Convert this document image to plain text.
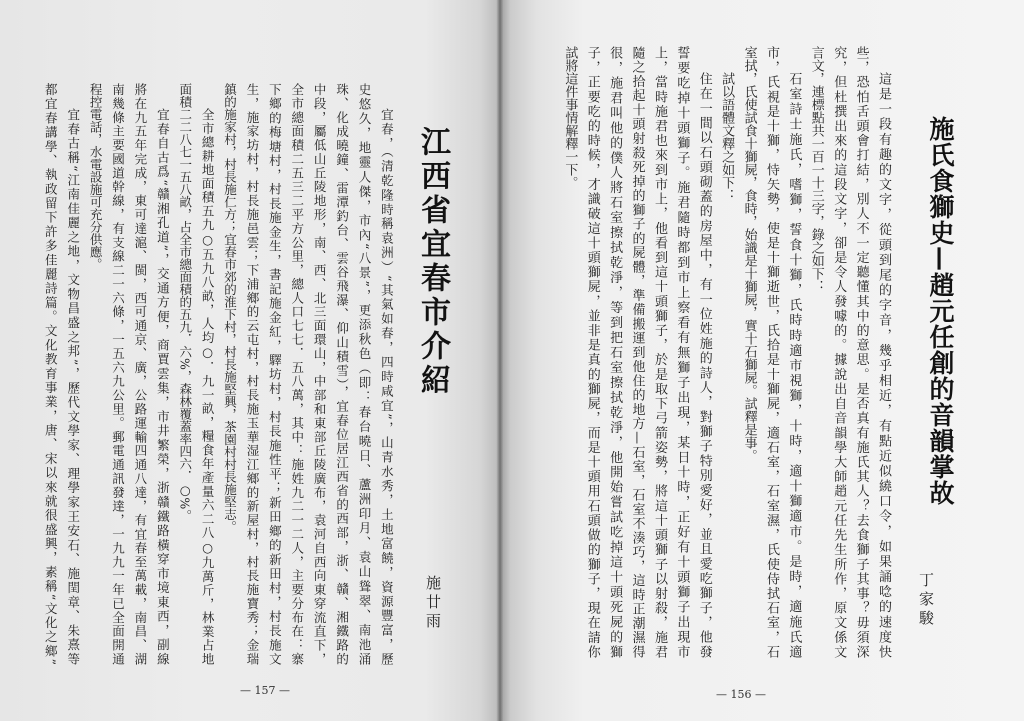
江西省宜春市介紹
施廿雨
宜春，（清乾隆時稱袁洲）“其氣如春，四時咸宜”，山青水秀，土地富饒，資源豐富，歷
史悠久，地靈人傑，市內“八景”，更添秋色（即：春台曉日、蘆洲印月、袁山聳翠、南池涌
珠、化成曉鐘、雷潭釣台、雲谷飛瀑、仰山積雪），宜春位居江西省的西部，浙、贛、湘鐵路的
中段，屬低山丘陵地形，南、西、北三面環山，中部和東部丘陵廣布，袁河自西向東穿流直下，
全市總面積二五三二平方公里，總人口七七．五八萬，其中：施姓九二一二人，主要分布在：寨
下鄉的梅塘村，村長施金生，書記施金紅，驛坊村，村長施性平；新田鄉的新田村，村長施文
生，施家坊村，村長施邑雲；下浦鄉的云屯村，村長施玉華湿江鄉的新屋村，村長施寶秀；金瑞
鎮的施家村，村長施仁方；宜春市郊的淮下村，村長施堅興，茶園村村長施堅志。
全市總耕地面積五九○五九八畝，人均○．九一畝，糧食年產量六二八○九萬斤，林業占地
面積二二八七一五八畝，占全市總面積的五九．六%，森林覆蓋率四六．○%。
宜春自古爲“贛湘孔道”，交通方便，商賈雲集，市井繁榮，浙贛鐵路橫穿市境東西，副線
將在九五年完成，東可達滬、閩，西可通京、廣，公路運輸四通八達，有宜春至萬載，南昌、湖
南幾條主要國道幹線，有支線二一六條，一五六九公里。郵電通訊發達，一九九一年已全面開通
程控電話，水電設施可充分供應。
宜春古稱“江南佳麗之地，文物昌盛之邦”，歷代文學家、理學家王安石、施閏章、朱熹等
都宜春講學、執政留下許多佳麗詩篇。文化教育事業，唐、宋以來就很盛興，素稱“文化之鄉”
— 157 —
施氏食獅史—趙元任創的音韻掌故
丁家駿
這是一段有趣的文字，從頭到尾的字音，幾乎相近，有點近似繞口令，如果誦唸的速度快
些，恐怕舌頭會打結，別人不一定聽懂其中的意思。是否真有施氏其人？去食獅子其事？毋須深
究，但杜撰出來的這段文字，卻是令人發噱的。據說出自音韻學大師趙元任先生所作，原文係文
言文，連標點共一百一十三字，錄之如下：
石室詩士施氏，嗜獅，誓食十獅，氏時時適市視獅，十時，適十獅適市。是時，適施氏適
市，氏視是十獅，恃矢勢，使是十獅逝世，氏拾是十獅屍，適石室，石室濕，氏使侍拭石室，石
室拭，氏使試食十獅屍，食時，始識是十獅屍，實十石獅屍。試釋是事。
試以語體文釋之如下：
住在一間以石頭砌蓋的房屋中，有一位姓施的詩人，對獅子特別愛好，並且愛吃獅子，他發
誓要吃掉十頭獅子。施君隨時都到市上察看有無獅子出現，某日十時，正好有十頭獅子出現市
上，當時施君也來到市上，他看到這十頭獅子，於是取下弓箭姿勢，將這十頭獅子以射殺，施君
隨之拾起十頭射殺死掉的獅子的屍體，準備搬運到他住的地方—石室，石室不湊巧，這時正潮濕得
很，施君叫他的僕人將石室擦拭乾淨，等到把石室擦拭乾淨，他開始嘗試吃掉這十頭死屍的獅
子，正要吃的時候，才識破這十頭獅屍，並非是真的獅屍，而是十頭用石頭做的獅子，現在請你
試將這件事情解釋一下。
— 156 —
